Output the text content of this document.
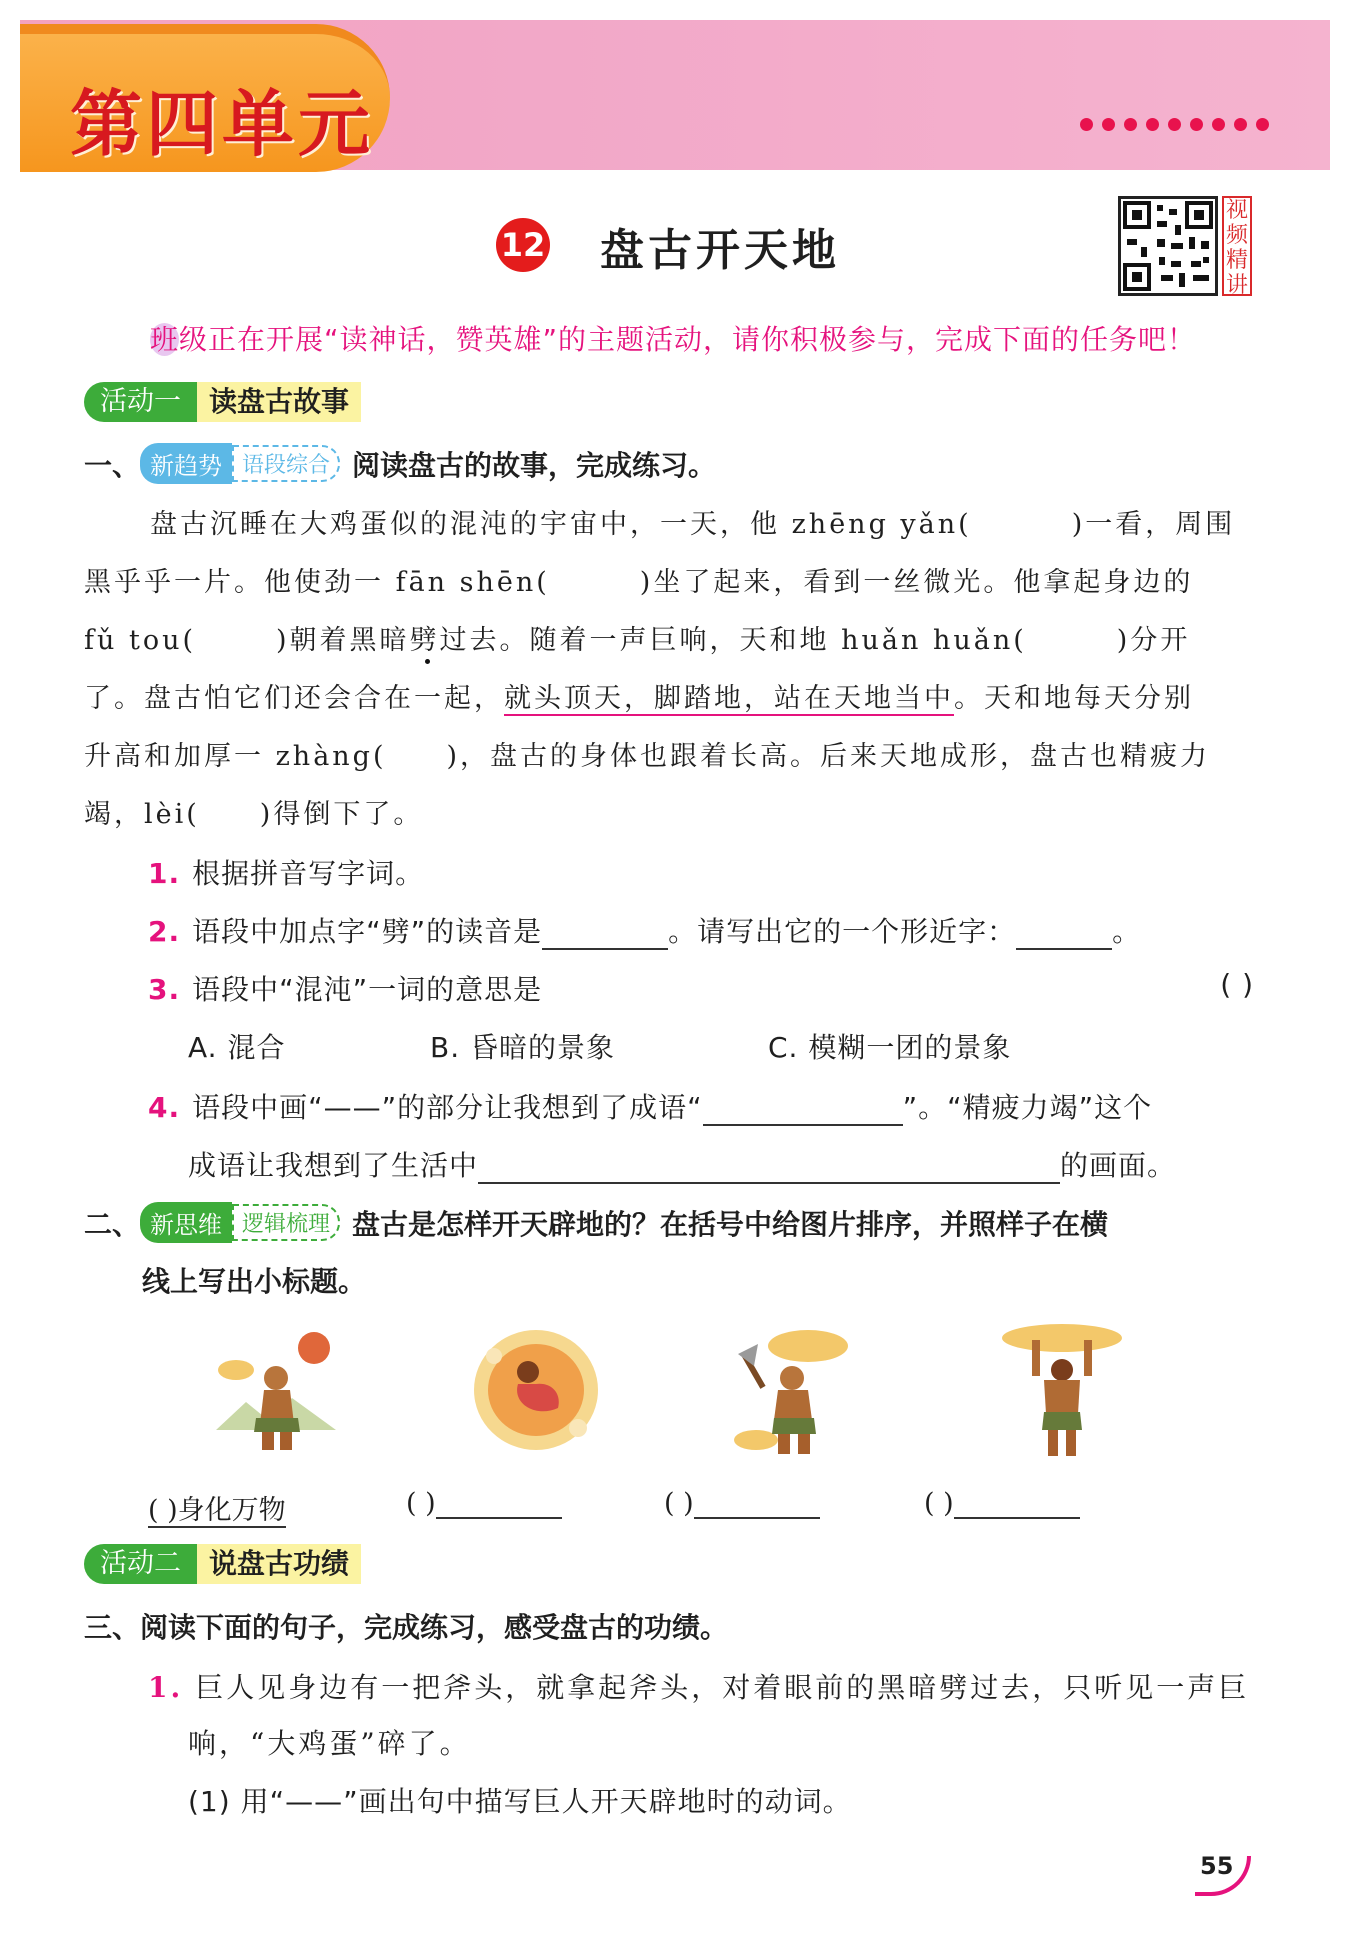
第四单元
12 盘古开天地
视频精讲
班级正在开展“读神话，赞英雄”的主题活动，请你积极参与，完成下面的任务吧！
活动一	读盘古故事
一、 新趋势 语段综合 阅读盘古的故事，完成练习。
盘古沉睡在大鸡蛋似的混沌的宇宙中，一天，他 zhēng yǎn(	)一看，周围
黑乎乎一片。他使劲一 fān shēn(	)坐了起来，看到一丝微光。他拿起身边的
fǔ tou(	)朝着黑暗劈过去。随着一声巨响，天和地 huǎn huǎn(	)分开
了。盘古怕它们还会合在一起，就头顶天，脚踏地，站在天地当中。天和地每天分别
升高和加厚一 zhàng( )，盘古的身体也跟着长高。后来天地成形，盘古也精疲力
竭，lèi( )得倒下了。
1. 根据拼音写字词。
2. 语段中加点字“劈”的读音是	。请写出它的一个形近字：	。
3. 语段中“混沌”一词的意思是	( )
A. 混合	B. 昏暗的景象	C. 模糊一团的景象
4. 语段中画“——”的部分让我想到了成语“	”。“精疲力竭”这个
成语让我想到了生活中	的画面。
二、 新思维 逻辑梳理 盘古是怎样开天辟地的？在括号中给图片排序，并照样子在横
线上写出小标题。
( )身化万物	( )	( )	( )
活动二	说盘古功绩
三、阅读下面的句子，完成练习，感受盘古的功绩。
1. 巨人见身边有一把斧头，就拿起斧头，对着眼前的黑暗劈过去，只听见一声巨
响，“大鸡蛋”碎了。
(1) 用“——”画出句中描写巨人开天辟地时的动词。
55
